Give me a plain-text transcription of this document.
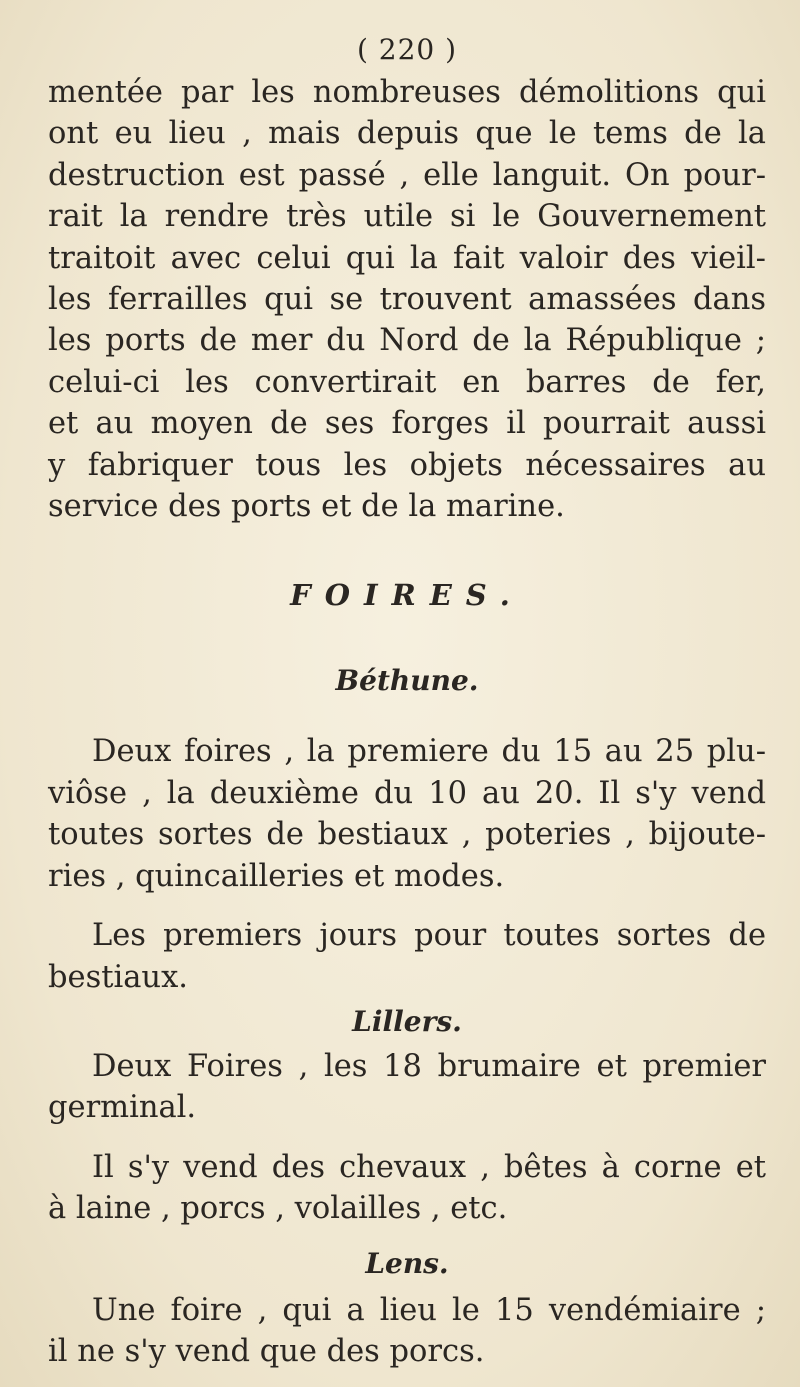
( 220 )

mentée par les nombreuses démolitions qui
ont eu lieu , mais depuis que le tems de la
destruction est passé , elle languit. On pour-
rait la rendre très utile si le Gouvernement
traitoit avec celui qui la fait valoir des vieil-
les ferrailles qui se trouvent amassées dans
les ports de mer du Nord de la République ;
celui-ci les convertirait en barres de fer,
et au moyen de ses forges il pourrait aussi
y fabriquer tous les objets nécessaires au
service des ports et de la marine.

FOIRES.
Béthune.

Deux foires , la premiere du 15 au 25 plu-
viôse , la deuxième du 10 au 20. Il s'y vend
toutes sortes de bestiaux , poteries , bijoute-
ries , quincailleries et modes.

Les premiers jours pour toutes sortes de
bestiaux.

Lillers.

Deux Foires , les 18 brumaire et premier
germinal.

Il s'y vend des chevaux , bêtes à corne et
à laine , porcs , volailles , etc.

Lens.

Une foire , qui a lieu le 15 vendémiaire ;
il ne s'y vend que des porcs.
